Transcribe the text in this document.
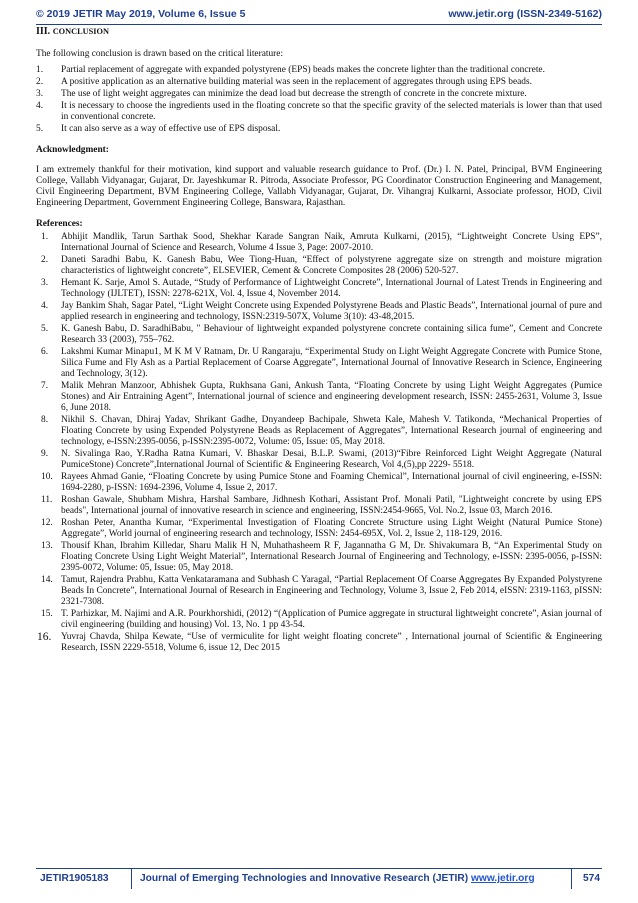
© 2019 JETIR May 2019, Volume 6, Issue 5	www.jetir.org (ISSN-2349-5162)
III. CONCLUSION

The following conclusion is drawn based on the critical literature:

1. Partial replacement of aggregate with expanded polystyrene (EPS) beads makes the concrete lighter than the traditional concrete.
2. A positive application as an alternative building material was seen in the replacement of aggregates through using EPS beads.
3. The use of light weight aggregates can minimize the dead load but decrease the strength of concrete in the concrete mixture.
4. It is necessary to choose the ingredients used in the floating concrete so that the specific gravity of the selected materials is lower than that used in conventional concrete.
5. It can also serve as a way of effective use of EPS disposal.
Acknowledgment:

I am extremely thankful for their motivation, kind support and valuable research guidance to Prof. (Dr.) I. N. Patel, Principal, BVM Engineering College, Vallabh Vidyanagar, Gujarat, Dr. Jayeshkumar R. Pitroda, Associate Professor, PG Coordinator Construction Engineering and Management, Civil Engineering Department, BVM Engineering College, Vallabh Vidyanagar, Gujarat, Dr. Vihangraj Kulkarni, Associate professor, HOD, Civil Engineering Department, Government Engineering College, Banswara, Rajasthan.

References:
1. Abhijit Mandlik, Tarun Sarthak Sood, Shekhar Karade Sangran Naik, Amruta Kulkarni, (2015), “Lightweight Concrete Using EPS”, International Journal of Science and Research, Volume 4 Issue 3, Page: 2007-2010.
2. Daneti Saradhi Babu, K. Ganesh Babu, Wee Tiong-Huan, “Effect of polystyrene aggregate size on strength and moisture migration characteristics of lightweight concrete”, ELSEVIER, Cement & Concrete Composites 28 (2006) 520-527.
3. Hemant K. Sarje, Amol S. Autade, “Study of Performance of Lightweight Concrete”, International Journal of Latest Trends in Engineering and Technology (IJLTET), ISSN: 2278-621X, Vol. 4, Issue 4, November 2014.
4. Jay Bankim Shah, Sagar Patel, “Light Weight Concrete using Expended Polystyrene Beads and Plastic Beads”, International journal of pure and applied research in engineering and technology, ISSN:2319-507X, Volume 3(10): 43-48,2015.
5. K. Ganesh Babu, D. SaradhiBabu, " Behaviour of lightweight expanded polystyrene concrete containing silica fume”, Cement and Concrete Research 33 (2003), 755–762.
6. Lakshmi Kumar Minapu1, M K M V Ratnam, Dr. U Rangaraju, “Experimental Study on Light Weight Aggregate Concrete with Pumice Stone, Silica Fume and Fly Ash as a Partial Replacement of Coarse Aggregate”, International Journal of Innovative Research in Science, Engineering and Technology, 3(12).
7. Malik Mehran Manzoor, Abhishek Gupta, Rukhsana Gani, Ankush Tanta, “Floating Concrete by using Light Weight Aggregates (Pumice Stones) and Air Entraining Agent”, International journal of science and engineering development research, ISSN: 2455-2631, Volume 3, Issue 6, June 2018.
8. Nikhil S. Chavan, Dhiraj Yadav, Shrikant Gadhe, Dnyandeep Bachipale, Shweta Kale, Mahesh V. Tatikonda, “Mechanical Properties of Floating Concrete by using Expended Polystyrene Beads as Replacement of Aggregates”, International Research journal of engineering and technology, e-ISSN:2395-0056, p-ISSN:2395-0072, Volume: 05, Issue: 05, May 2018.
9. N. Sivalinga Rao, Y.Radha Ratna Kumari, V. Bhaskar Desai, B.L.P. Swami, (2013)“Fibre Reinforced Light Weight Aggregate (Natural PumiceStone) Concrete”,International Journal of Scientific & Engineering Research, Vol 4,(5),pp 2229- 5518.
10. Rayees Ahmad Ganie, “Floating Concrete by using Pumice Stone and Foaming Chemical”, International journal of civil engineering, e-ISSN: 1694-2280, p-ISSN: 1694-2396, Volume 4, Issue 2, 2017.
11. Roshan Gawale, Shubham Mishra, Harshal Sambare, Jidhnesh Kothari, Assistant Prof. Monali Patil, "Lightweight concrete by using EPS beads", International journal of innovative research in science and engineering, ISSN:2454-9665, Vol. No.2, Issue 03, March 2016.
12. Roshan Peter, Anantha Kumar, “Experimental Investigation of Floating Concrete Structure using Light Weight (Natural Pumice Stone) Aggregate”, World journal of engineering research and technology, ISSN: 2454-695X, Vol. 2, Issue 2, 118-129, 2016.
13. Thousif Khan, Ibrahim Killedar, Sharu Malik H N, Muhathasheem R F, Jagannatha G M, Dr. Shivakumara B, “An Experimental Study on Floating Concrete Using Light Weight Material”, International Research Journal of Engineering and Technology, e-ISSN: 2395-0056, p-ISSN: 2395-0072, Volume: 05, Issue: 05, May 2018.
14. Tamut, Rajendra Prabhu, Katta Venkataramana and Subhash C Yaragal, “Partial Replacement Of Coarse Aggregates By Expanded Polystyrene Beads In Concrete”, International Journal of Research in Engineering and Technology, Volume 3, Issue 2, Feb 2014, eISSN: 2319-1163, pISSN: 2321-7308.
15. T. Parhizkar, M. Najimi and A.R. Pourkhorshidi, (2012) “(Application of Pumice aggregate in structural lightweight concrete”, Asian journal of civil engineering (building and housing) Vol. 13, No. 1 pp 43-54.
16. Yuvraj Chavda, Shilpa Kewate, “Use of vermiculite for light weight floating concrete” , International journal of Scientific & Engineering Research, ISSN 2229-5518, Volume 6, issue 12, Dec 2015
JETIR1905183	Journal of Emerging Technologies and Innovative Research (JETIR) www.jetir.org	574
